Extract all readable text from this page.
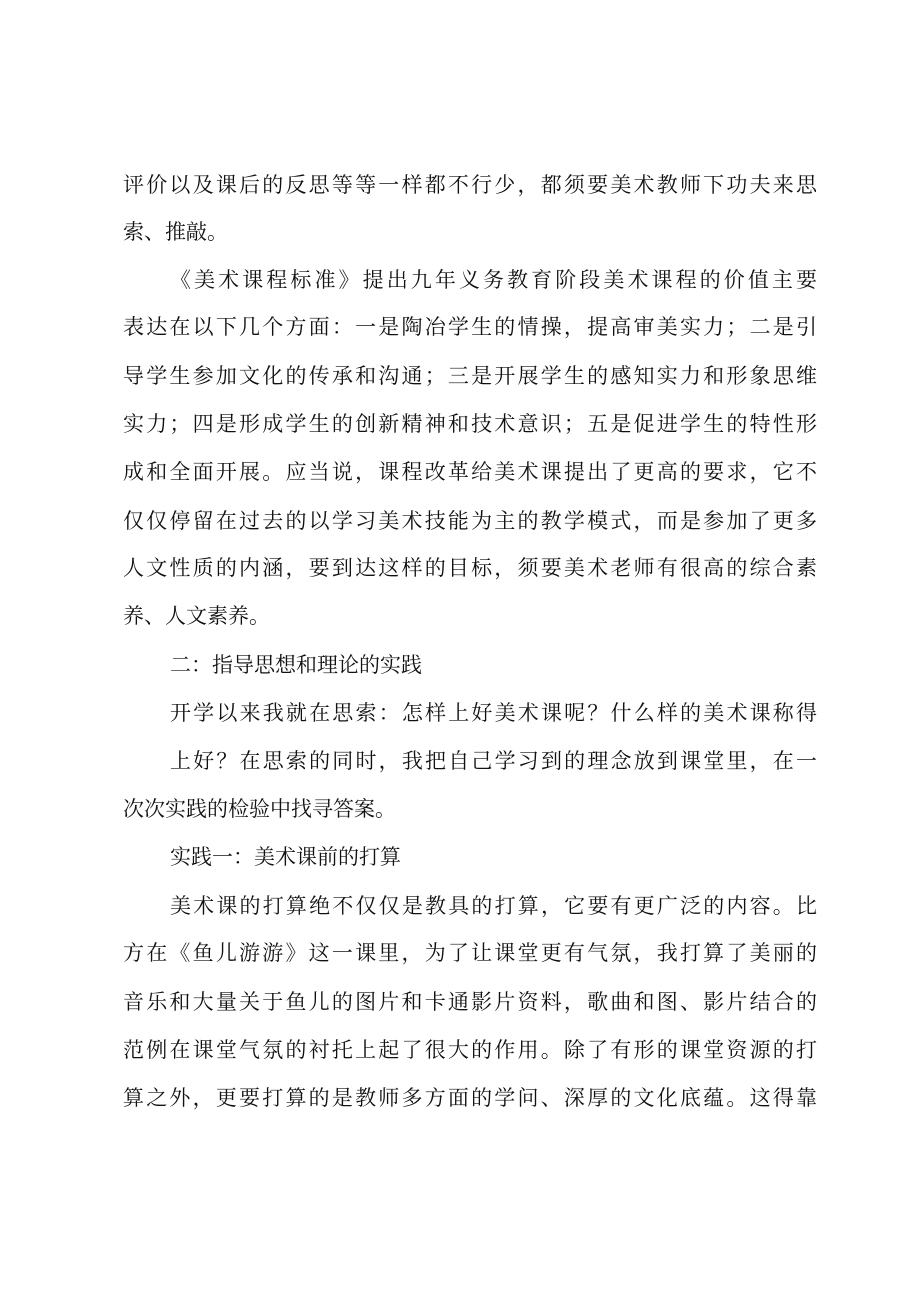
评价以及课后的反思等等一样都不行少，都须要美术教师下功夫来思

索、推敲。

《美术课程标准》提出九年义务教育阶段美术课程的价值主要

表达在以下几个方面：一是陶冶学生的情操，提高审美实力；二是引

导学生参加文化的传承和沟通；三是开展学生的感知实力和形象思维

实力；四是形成学生的创新精神和技术意识；五是促进学生的特性形

成和全面开展。应当说，课程改革给美术课提出了更高的要求，它不

仅仅停留在过去的以学习美术技能为主的教学模式，而是参加了更多

人文性质的内涵，要到达这样的目标，须要美术老师有很高的综合素

养、人文素养。

二：指导思想和理论的实践

开学以来我就在思索：怎样上好美术课呢？什么样的美术课称得

上好？在思索的同时，我把自己学习到的理念放到课堂里，在一

次次实践的检验中找寻答案。

实践一：美术课前的打算

美术课的打算绝不仅仅是教具的打算，它要有更广泛的内容。比

方在《鱼儿游游》这一课里，为了让课堂更有气氛，我打算了美丽的

音乐和大量关于鱼儿的图片和卡通影片资料，歌曲和图、影片结合的

范例在课堂气氛的衬托上起了很大的作用。除了有形的课堂资源的打

算之外，更要打算的是教师多方面的学问、深厚的文化底蕴。这得靠
